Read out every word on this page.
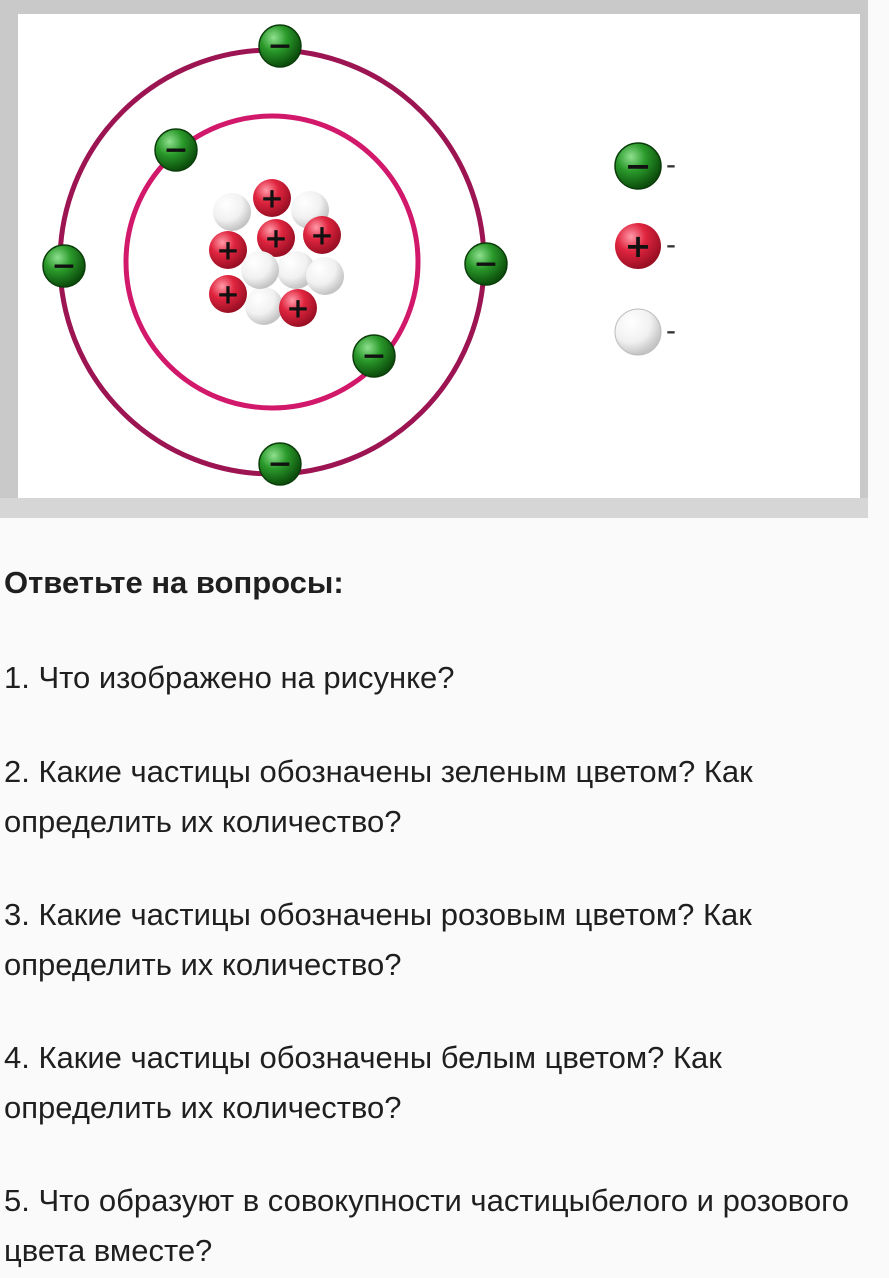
+
+ + +
+ +
−
−
−	−
−
−
− -
+ -
-
Ответьте на вопросы:
1. Что изображено на рисунке?
2. Какие частицы обозначены зеленым цветом? Как определить их количество?
3. Какие частицы обозначены розовым цветом? Как определить их количество?
4. Какие частицы обозначены белым цветом? Как определить их количество?
5. Что образуют в совокупности частицыбелого и розового цвета вместе?
